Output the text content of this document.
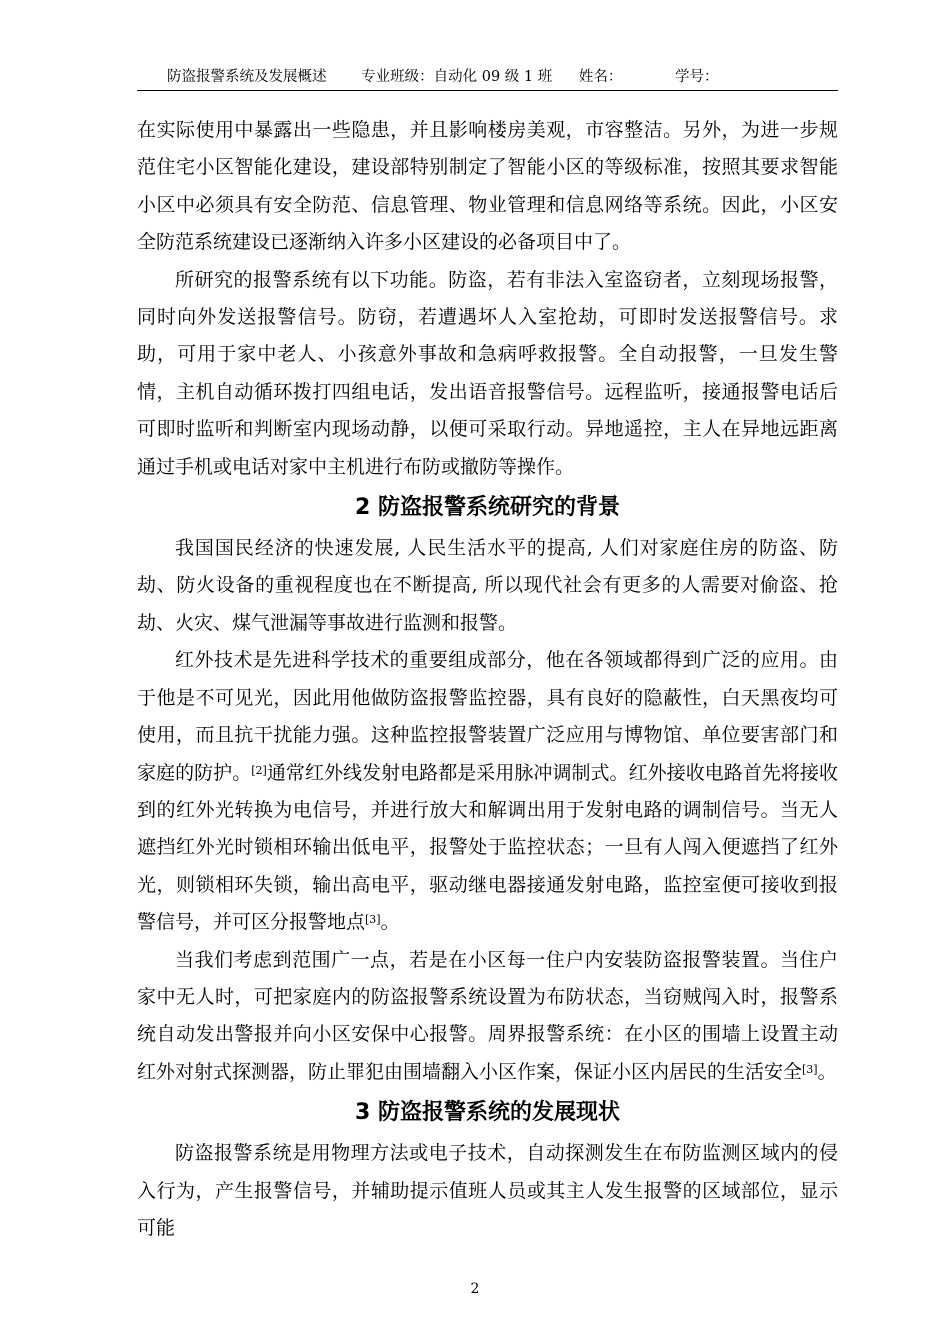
防盗报警系统及发展概述 专业班级：自动化 09 级 1 班 姓名：	学号：

在实际使用中暴露出一些隐患，并且影响楼房美观，市容整洁。另外，为进一步规范住宅小区智能化建设，建设部特别制定了智能小区的等级标准，按照其要求智能小区中必须具有安全防范、信息管理、物业管理和信息网络等系统。因此，小区安全防范系统建设已逐渐纳入许多小区建设的必备项目中了。

所研究的报警系统有以下功能。防盗，若有非法入室盗窃者，立刻现场报警，同时向外发送报警信号。防窃，若遭遇坏人入室抢劫，可即时发送报警信号。求助，可用于家中老人、小孩意外事故和急病呼救报警。全自动报警，一旦发生警情，主机自动循环拨打四组电话，发出语音报警信号。远程监听，接通报警电话后可即时监听和判断室内现场动静，以便可采取行动。异地遥控，主人在异地远距离通过手机或电话对家中主机进行布防或撤防等操作。

2 防盗报警系统研究的背景

我国国民经济的快速发展, 人民生活水平的提高, 人们对家庭住房的防盗、防劫、防火设备的重视程度也在不断提高, 所以现代社会有更多的人需要对偷盗、抢劫、火灾、煤气泄漏等事故进行监测和报警。

红外技术是先进科学技术的重要组成部分，他在各领域都得到广泛的应用。由于他是不可见光，因此用他做防盗报警监控器，具有良好的隐蔽性，白天黑夜均可使用，而且抗干扰能力强。这种监控报警装置广泛应用与博物馆、单位要害部门和家庭的防护。[2]通常红外线发射电路都是采用脉冲调制式。红外接收电路首先将接收到的红外光转换为电信号，并进行放大和解调出用于发射电路的调制信号。当无人遮挡红外光时锁相环输出低电平，报警处于监控状态；一旦有人闯入便遮挡了红外光，则锁相环失锁，输出高电平，驱动继电器接通发射电路，监控室便可接收到报警信号，并可区分报警地点[3]。

当我们考虑到范围广一点，若是在小区每一住户内安装防盗报警装置。当住户家中无人时，可把家庭内的防盗报警系统设置为布防状态，当窃贼闯入时，报警系统自动发出警报并向小区安保中心报警。周界报警系统：在小区的围墙上设置主动红外对射式探测器，防止罪犯由围墙翻入小区作案，保证小区内居民的生活安全[3]。

3 防盗报警系统的发展现状

防盗报警系统是用物理方法或电子技术，自动探测发生在布防监测区域内的侵入行为，产生报警信号，并辅助提示值班人员或其主人发生报警的区域部位，显示可能

2
